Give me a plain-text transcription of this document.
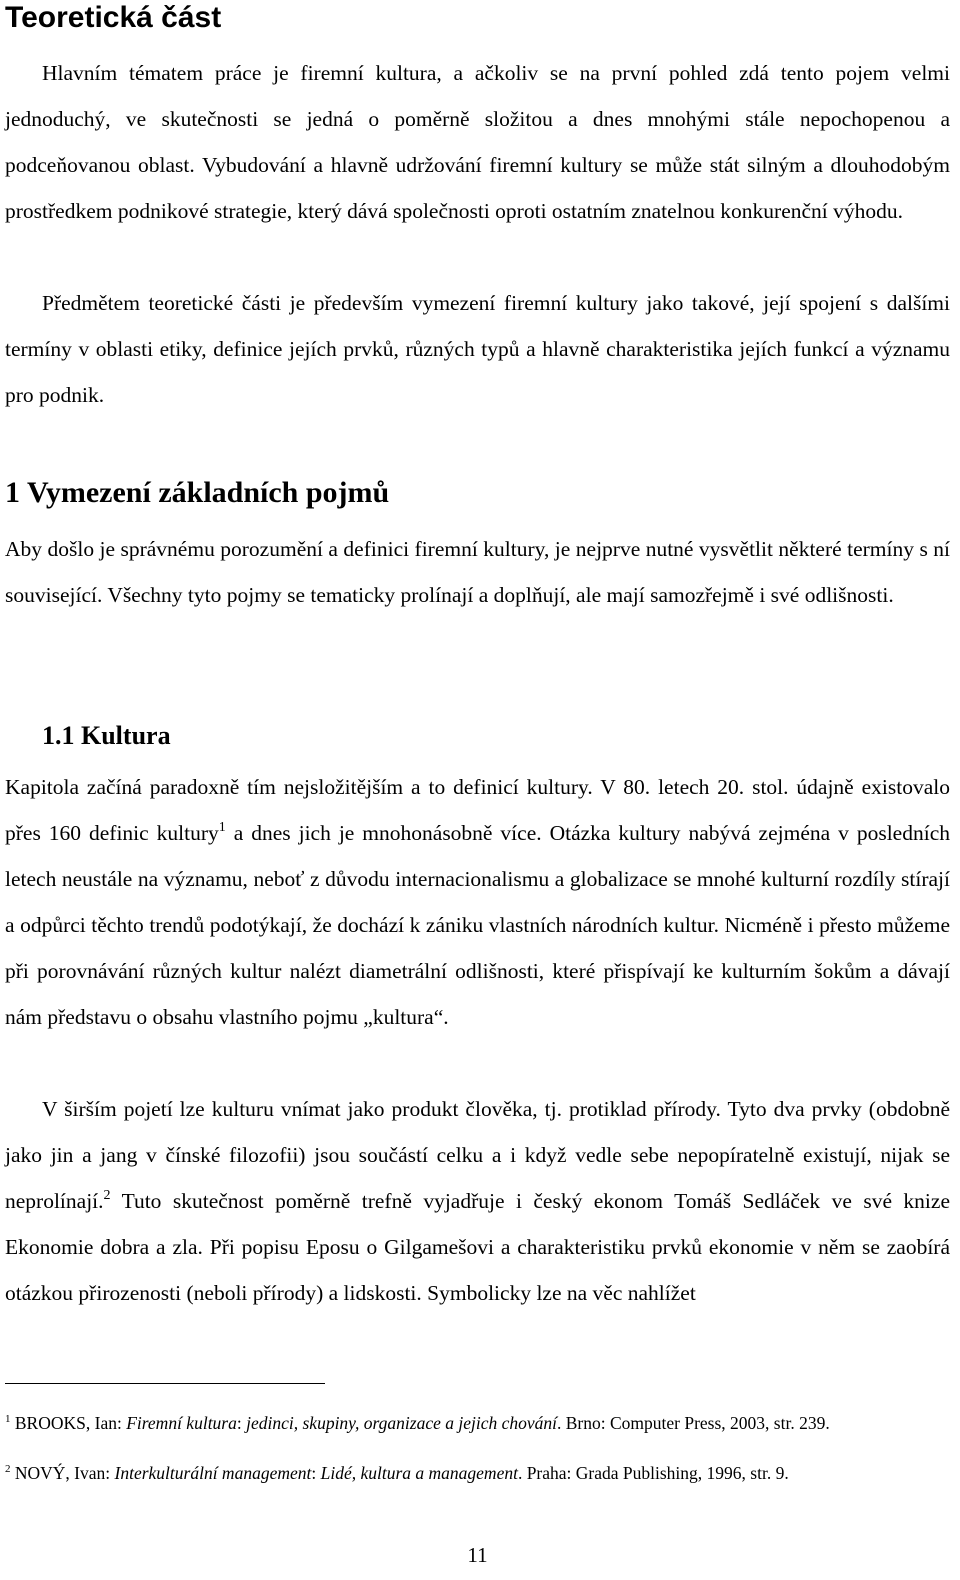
Teoretická část

Hlavním tématem práce je firemní kultura, a ačkoliv se na první pohled zdá tento pojem velmi jednoduchý, ve skutečnosti se jedná o poměrně složitou a dnes mnohými stále nepochopenou a podceňovanou oblast. Vybudování a hlavně udržování firemní kultury se může stát silným a dlouhodobým prostředkem podnikové strategie, který dává společnosti oproti ostatním znatelnou konkurenční výhodu.

Předmětem teoretické části je především vymezení firemní kultury jako takové, její spojení s dalšími termíny v oblasti etiky, definice jejích prvků, různých typů a hlavně charakteristika jejích funkcí a významu pro podnik.

1 Vymezení základních pojmů

Aby došlo je správnému porozumění a definici firemní kultury, je nejprve nutné vysvětlit některé termíny s ní související. Všechny tyto pojmy se tematicky prolínají a doplňují, ale mají samozřejmě i své odlišnosti.

1.1 Kultura

Kapitola začíná paradoxně tím nejsložitějším a to definicí kultury. V 80. letech 20. stol. údajně existovalo přes 160 definic kultury$^1$ a dnes jich je mnohonásobně více. Otázka kultury nabývá zejména v posledních letech neustále na významu, neboť z důvodu internacionalismu a globalizace se mnohé kulturní rozdíly stírají a odpůrci těchto trendů podotýkají, že dochází k zániku vlastních národních kultur. Nicméně i přesto můžeme při porovnávání různých kultur nalézt diametrální odlišnosti, které přispívají ke kulturním šokům a dávají nám představu o obsahu vlastního pojmu „kultura“.

V širším pojetí lze kulturu vnímat jako produkt člověka, tj. protiklad přírody. Tyto dva prvky (obdobně jako jin a jang v čínské filozofii) jsou součástí celku a i když vedle sebe nepopíratelně existují, nijak se neprolínají.$^2$ Tuto skutečnost poměrně trefně vyjadřuje i český ekonom Tomáš Sedláček ve své knize Ekonomie dobra a zla. Při popisu Eposu o Gilgamešovi a charakteristiku prvků ekonomie v něm se zaobírá otázkou přirozenosti (neboli přírody) a lidskosti. Symbolicky lze na věc nahlížet

$^1$ BROOKS, Ian: Firemní kultura: jedinci, skupiny, organizace a jejich chování. Brno: Computer Press, 2003, str. 239.

$^2$ NOVÝ, Ivan: Interkulturální management: Lidé, kultura a management. Praha: Grada Publishing, 1996, str. 9.

11
